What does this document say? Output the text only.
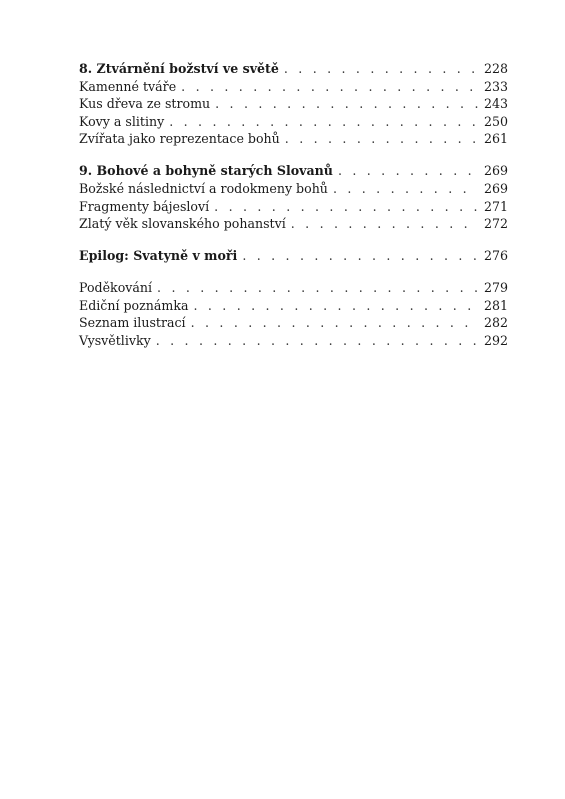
8. Ztvárnění božství ve světě . . .	228
Kamenné tváře . . .	233
Kus dřeva ze stromu . . .	243
Kovy a slitiny . . .	250
Zvířata jako reprezentace bohů . . .	261
9. Bohové a bohyně starých Slovanů . . .	269
Božské následnictví a rodokmeny bohů . . .	269
Fragmenty bájesloví . . .	271
Zlatý věk slovanského pohanství . . .	272
Epilog: Svatyně v moři . . .	276
Poděkování . . .	279
Ediční poznámka . . .	281
Seznam ilustrací . . .	282
Vysvětlivky . . .	292
